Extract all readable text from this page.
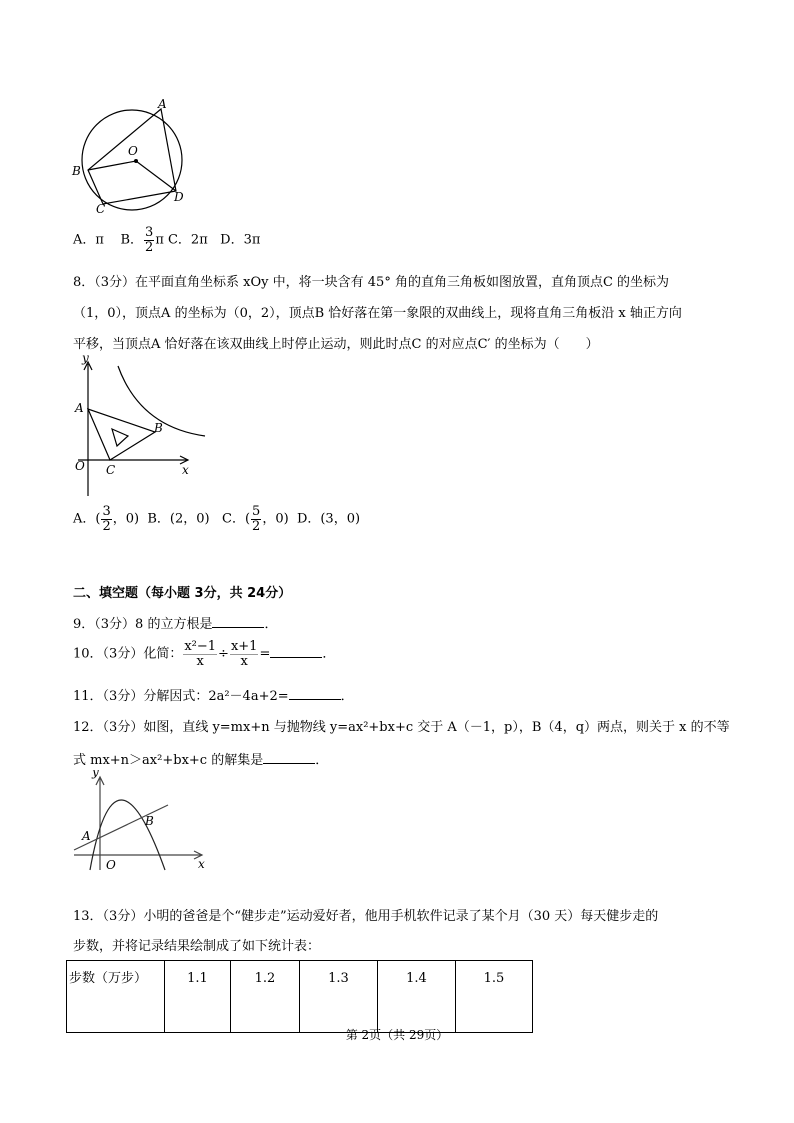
A
B
C
D
O
A．π B． $\frac{3}{2}$ π C．2π D．3π
8．（3分）在平面直角坐标系 xOy 中，将一块含有 45° 角的直角三角板如图放置，直角顶点C 的坐标为
（1，0），顶点A 的坐标为（0，2），顶点B 恰好落在第一象限的双曲线上，现将直角三角板沿 x 轴正方向
平移，当顶点A 恰好落在该双曲线上时停止运动，则此时点C 的对应点C′ 的坐标为（　　）
y
x
O
A
B
C
A．( $\frac{3}{2}$ ，0) B．(2，0) C．( $\frac{5}{2}$ ，0) D．(3，0)
二、填空题（每小题 3分，共 24分）
9．（3分）8 的立方根是	．
10．（3分）化简： $\frac{\text{x²−1}}{x} \div \frac{x+1}{x}$ =	．
11．（3分）分解因式：2a²－4a+2=	．
12．（3分）如图，直线 y=mx+n 与抛物线 y=ax²+bx+c 交于 A（－1，p），B（4，q）两点，则关于 x 的不等
式 mx+n＞ax²+bx+c 的解集是	．
y
x
O
A
B
13．（3分）小明的爸爸是个“健步走”运动爱好者，他用手机软件记录了某个月（30 天）每天健步走的
步数，并将记录结果绘制成了如下统计表：
步数（万步）	1.1	1.2	1.3	1.4	1.5
第 2页（共 29页）
